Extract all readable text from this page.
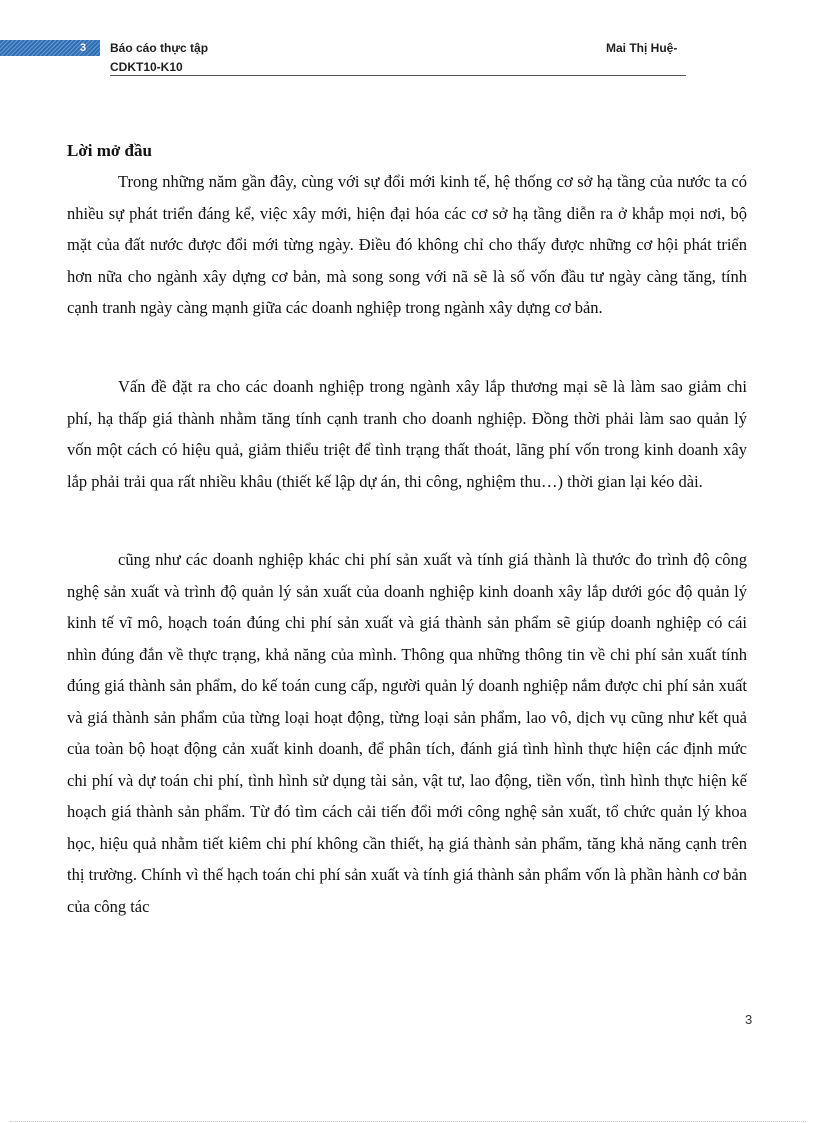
3 Báo cáo thực tập	Mai Thị Huệ-
CDKT10-K10
Lời mở đầu

Trong những năm gần đây, cùng với sự đổi mới kinh tế, hệ thống cơ sở hạ tầng của nước ta có nhiều sự phát triển đáng kể, việc xây mới, hiện đại hóa các cơ sở hạ tầng diễn ra ở khắp mọi nơi, bộ mặt của đất nước được đổi mới từng ngày. Điều đó không chỉ cho thấy được những cơ hội phát triển hơn nữa cho ngành xây dựng cơ bản, mà song song với nã sẽ là số vốn đầu tư ngày càng tăng, tính cạnh tranh ngày càng mạnh giữa các doanh nghiệp trong ngành xây dựng cơ bản.

Vấn đề đặt ra cho các doanh nghiệp trong ngành xây lắp thương mại sẽ là làm sao giảm chi phí, hạ thấp giá thành nhằm tăng tính cạnh tranh cho doanh nghiệp. Đồng thời phải làm sao quản lý vốn một cách có hiệu quả, giảm thiểu triệt để tình trạng thất thoát, lãng phí vốn trong kinh doanh xây lắp phải trải qua rất nhiều khâu (thiết kế lập dự án, thi công, nghiệm thu…) thời gian lại kéo dài.

cũng như các doanh nghiệp khác chi phí sản xuất và tính giá thành là thước đo trình độ công nghệ sản xuất và trình độ quản lý sản xuất của doanh nghiệp kinh doanh xây lắp dưới góc độ quản lý kinh tế vĩ mô, hoạch toán đúng chi phí sản xuất và giá thành sản phẩm sẽ giúp doanh nghiệp có cái nhìn đúng đắn về thực trạng, khả năng của mình. Thông qua những thông tin về chi phí sản xuất tính đúng giá thành sản phẩm, do kế toán cung cấp, người quản lý doanh nghiệp nắm được chi phí sản xuất và giá thành sản phẩm của từng loại hoạt động, từng loại sản phẩm, lao vô, dịch vụ cũng như kết quả của toàn bộ hoạt động cản xuất kinh doanh, để phân tích, đánh giá tình hình thực hiện các định mức chi phí và dự toán chi phí, tình hình sử dụng tài sản, vật tư, lao động, tiền vốn, tình hình thực hiện kế hoạch giá thành sản phẩm. Từ đó tìm cách cải tiến đổi mới công nghệ sản xuất, tổ chức quản lý khoa học, hiệu quả nhằm tiết kiêm chi phí không cần thiết, hạ giá thành sản phẩm, tăng khả năng cạnh trên thị trường. Chính vì thế hạch toán chi phí sản xuất và tính giá thành sản phẩm vốn là phần hành cơ bản của công tác

3
